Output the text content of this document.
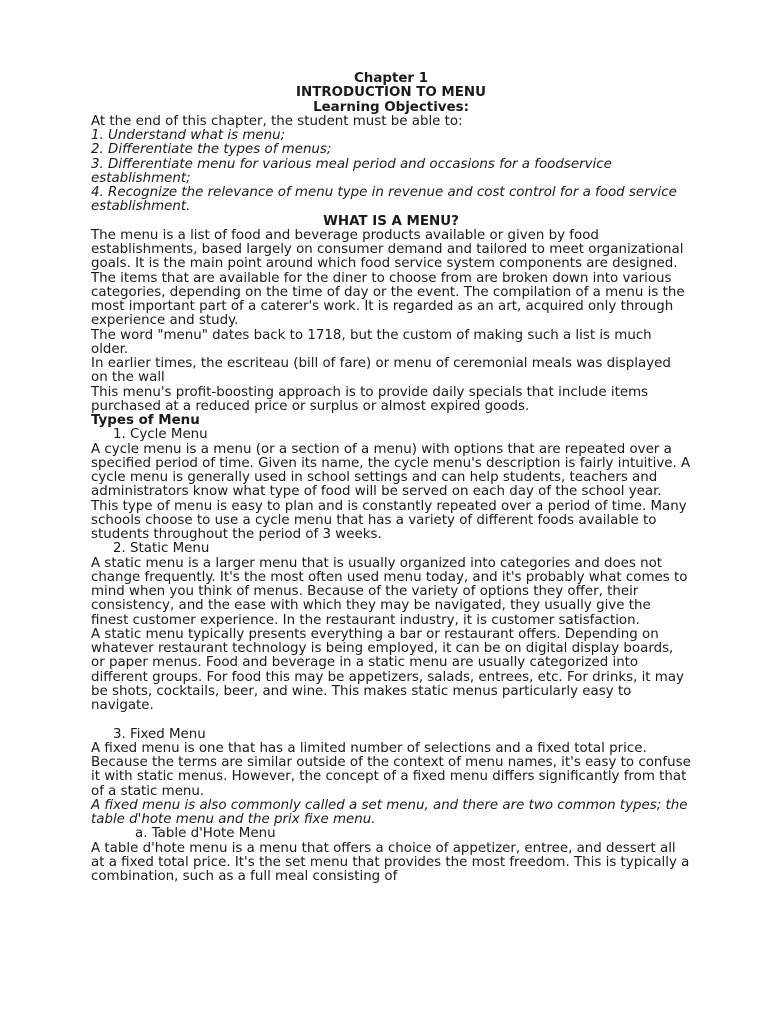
Chapter 1

INTRODUCTION TO MENU

Learning Objectives:

At the end of this chapter, the student must be able to:

1. Understand what is menu;

2. Differentiate the types of menus;

3. Differentiate menu for various meal period and occasions for a foodservice establishment;

4. Recognize the relevance of menu type in revenue and cost control for a food service establishment.

WHAT IS A MENU?

The menu is a list of food and beverage products available or given by food establishments, based largely on consumer demand and tailored to meet organizational goals. It is the main point around which food service system components are designed. The items that are available for the diner to choose from are broken down into various categories, depending on the time of day or the event. The compilation of a menu is the most important part of a caterer's work. It is regarded as an art, acquired only through experience and study.

The word "menu" dates back to 1718, but the custom of making such a list is much older.

In earlier times, the escriteau (bill of fare) or menu of ceremonial meals was displayed on the wall

This menu's profit-boosting approach is to provide daily specials that include items purchased at a reduced price or surplus or almost expired goods.

Types of Menu

1. Cycle Menu

A cycle menu is a menu (or a section of a menu) with options that are repeated over a specified period of time. Given its name, the cycle menu's description is fairly intuitive. A cycle menu is generally used in school settings and can help students, teachers and administrators know what type of food will be served on each day of the school year. This type of menu is easy to plan and is constantly repeated over a period of time. Many schools choose to use a cycle menu that has a variety of different foods available to students throughout the period of 3 weeks.

2. Static Menu

A static menu is a larger menu that is usually organized into categories and does not change frequently. It's the most often used menu today, and it's probably what comes to mind when you think of menus. Because of the variety of options they offer, their consistency, and the ease with which they may be navigated, they usually give the finest customer experience. In the restaurant industry, it is customer satisfaction.

A static menu typically presents everything a bar or restaurant offers. Depending on whatever restaurant technology is being employed, it can be on digital display boards, or paper menus. Food and beverage in a static menu are usually categorized into different groups. For food this may be appetizers, salads, entrees, etc. For drinks, it may be shots, cocktails, beer, and wine. This makes static menus particularly easy to navigate.

3. Fixed Menu

A fixed menu is one that has a limited number of selections and a fixed total price. Because the terms are similar outside of the context of menu names, it's easy to confuse it with static menus. However, the concept of a fixed menu differs significantly from that of a static menu.

A fixed menu is also commonly called a set menu, and there are two common types; the table d'hote menu and the prix fixe menu.

a. Table d'Hote Menu

A table d'hote menu is a menu that offers a choice of appetizer, entree, and dessert all at a fixed total price. It's the set menu that provides the most freedom. This is typically a combination, such as a full meal consisting of
